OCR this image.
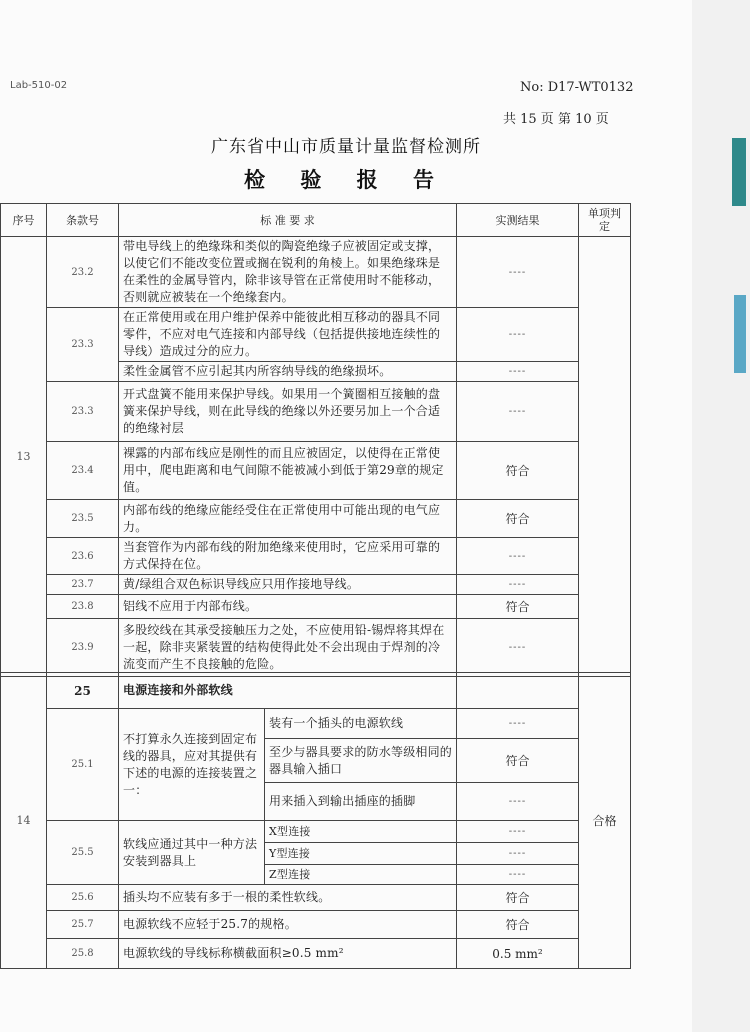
Lab-510-02	No: D17-WT0132
共 15 页 第 10 页
广东省中山市质量计量监督检测所
检 验 报 告
序号	条款号	标 准 要 求	实测结果	单项判定
13	23.2	带电导线上的绝缘珠和类似的陶瓷绝缘子应被固定或支撑，以使它们不能改变位置或搁在锐利的角棱上。如果绝缘珠是在柔性的金属导管内，除非该导管在正常使用时不能移动，否则就应被装在一个绝缘套内。	----	
	23.3	在正常使用或在用户维护保养中能彼此相互移动的器具不同零件，不应对电气连接和内部导线（包括提供接地连续性的导线）造成过分的应力。	----	
		柔性金属管不应引起其内所容纳导线的绝缘损坏。	----	
	23.3	开式盘簧不能用来保护导线。如果用一个簧圈相互接触的盘簧来保护导线，则在此导线的绝缘以外还要另加上一个合适的绝缘衬层	----	
	23.4	裸露的内部布线应是刚性的而且应被固定，以使得在正常使用中，爬电距离和电气间隙不能被减小到低于第29章的规定值。	符合	
	23.5	内部布线的绝缘应能经受住在正常使用中可能出现的电气应力。	符合	
	23.6	当套管作为内部布线的附加绝缘来使用时，它应采用可靠的方式保持在位。	----	
	23.7	黄/绿组合双色标识导线应只用作接地导线。	----	
	23.8	铝线不应用于内部布线。	符合	
	23.9	多股绞线在其承受接触压力之处，不应使用铅-锡焊将其焊在一起，除非夹紧装置的结构使得此处不会出现由于焊剂的冷流变而产生不良接触的危险。	----	
14	25	电源连接和外部软线			合格
	25.1	不打算永久连接到固定布线的器具，应对其提供有下述的电源的连接装置之一：	装有一个插头的电源软线	----	
			至少与器具要求的防水等级相同的器具输入插口	符合	
			用来插入到输出插座的插脚	----	
	25.5	软线应通过其中一种方法安装到器具上	X型连接	----	
			Y型连接	----	
			Z型连接	----	
	25.6	插头均不应装有多于一根的柔性软线。		符合	
	25.7	电源软线不应轻于25.7的规格。		符合	
	25.8	电源软线的导线标称横截面积≥0.5 mm²		0.5 mm²	
